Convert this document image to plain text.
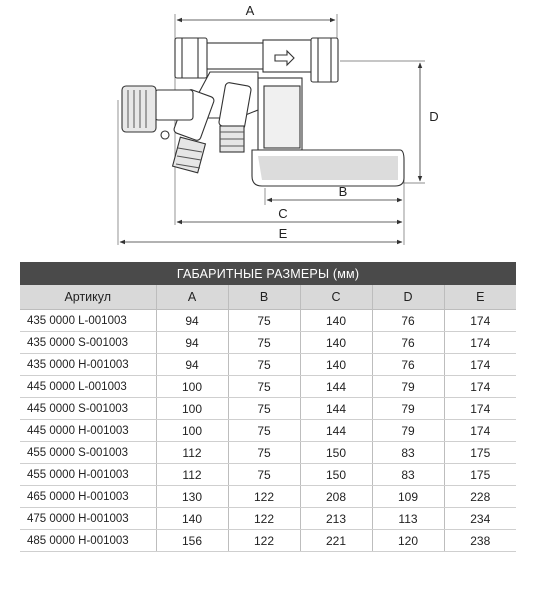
A
B
C
D
E
ГАБАРИТНЫЕ РАЗМЕРЫ (мм)					
Артикул	A	B	C	D	E
435 0000 L-001003	94	75	140	76	174
435 0000 S-001003	94	75	140	76	174
435 0000 H-001003	94	75	140	76	174
445 0000 L-001003	100	75	144	79	174
445 0000 S-001003	100	75	144	79	174
445 0000 H-001003	100	75	144	79	174
455 0000 S-001003	112	75	150	83	175
455 0000 H-001003	112	75	150	83	175
465 0000 H-001003	130	122	208	109	228
475 0000 H-001003	140	122	213	113	234
485 0000 H-001003	156	122	221	120	238
